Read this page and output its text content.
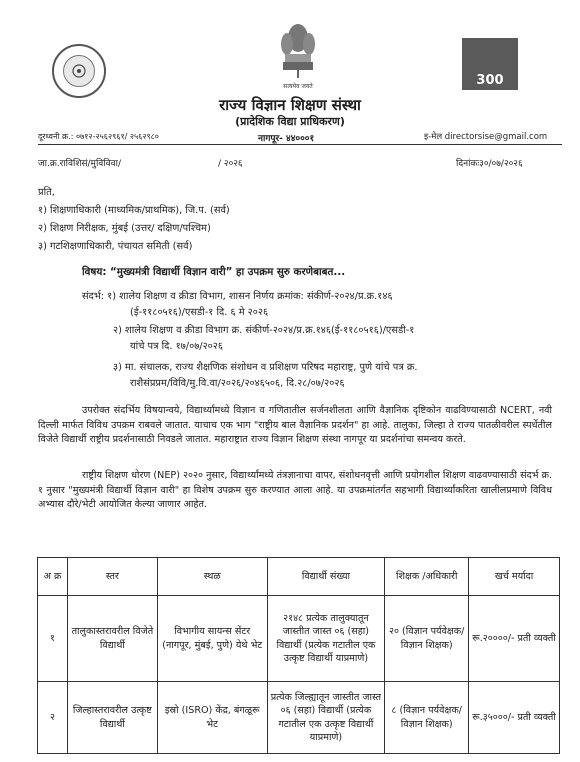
सत्यमेव जयते	300
राज्य विज्ञान शिक्षण संस्था
(प्रादेशिक विद्या प्राधिकरण)
दूरध्वनी क्र.: ०७१२-२५६२९६१/ २५६२९८०	नागपूर- ४४०००१	इ-मेल directorsise@gmail.com
जा.क्र.राविशिसं/मुविविवा/	/ २०२६	दिनांकः३०/०७/२०२६
प्रति,
१) शिक्षणाधिकारी (माध्यमिक/प्राथमिक), जि.प. (सर्व)
२) शिक्षण निरीक्षक, मुंबई (उत्तर/ दक्षिण/पश्चिम)
३) गटशिक्षणाधिकारी, पंचायत समिती (सर्व)
विषय: “मुख्यमंत्री विद्यार्थी विज्ञान वारी” हा उपक्रम सुरु करणेबाबत...
संदर्भ: १) शालेय शिक्षण व क्रीडा विभाग, शासन निर्णय क्रमांक: संकीर्ण-२०२४/प्र.क्र.१४६
(ई-११८०५१६)/एसडी-१ दि. ६ मे २०२६
२) शालेय शिक्षण व क्रीडा विभाग क्र. संकीर्ण-२०२४/प्र.क्र.१४६(ई-११८०५१६)/एसडी-१
यांचे पत्र दि. १७/०७/२०२६
३) मा. संचालक, राज्य शैक्षणिक संशोधन व प्रशिक्षण परिषद महाराष्ट्र, पुणे यांचे पत्र क्र.
राशैसंप्रप्रम/विवि/मु.वि.वा/२०२६/२०४६५०६, दि.२८/०७/२०२६
उपरोक्त संदर्भिय विषयान्वये, विद्यार्थ्यांमध्ये विज्ञान व गणितातील सर्जनशीलता आणि वैज्ञानिक दृष्टिकोन वाढविण्यासाठी NCERT, नवी दिल्ली मार्फत विविध उपक्रम राबवले जातात. याचाच एक भाग "राष्ट्रीय बाल वैज्ञानिक प्रदर्शन" हा आहे. तालुका, जिल्हा ते राज्य पातळीवरील स्पर्धेतील विजेते विद्यार्थी राष्ट्रीय प्रदर्शनासाठी निवडले जातात. महाराष्ट्रात राज्य विज्ञान शिक्षण संस्था नागपूर या प्रदर्शनांचा समन्वय करते.
राष्ट्रीय शिक्षण धोरण (NEP) २०२० नुसार, विद्यार्थ्यांमध्ये तंत्रज्ञानाचा वापर, संशोधनवृत्ती आणि प्रयोगशील शिक्षण वाढवण्यासाठी संदर्भ क्र. १ नुसार "मुख्यमंत्री विद्यार्थी विज्ञान वारी" हा विशेष उपक्रम सुरु करण्यात आला आहे. या उपक्रमांतर्गत सहभागी विद्यार्थ्यांकरिता खालीलप्रमाणे विविध अभ्यास दौरे/भेटी आयोजित केल्या जाणार आहेत.
अ क्र	स्तर	स्थळ	विद्यार्थी संख्या	शिक्षक /अधिकारी	खर्च मर्यादा
१	तालुकास्तरावरील विजेते विद्यार्थी	विभागीय सायन्स सेंटर (नागपूर, मुंबई, पुणे) येथे भेट	२१४८ प्रत्येक तालुक्यातून जास्तीत जास्त ०६ (सहा) विद्यार्थी (प्रत्येक गटातील एक उत्कृष्ट विद्यार्थी याप्रमाणे)	२० (विज्ञान पर्यवेक्षक/विज्ञान शिक्षक)	रू.२००००/- प्रती व्यक्ती
२	जिल्हास्तरावरील उत्कृष्ट विद्यार्थी	इस्रो (ISRO) केंद्र, बंगळूरू भेट	प्रत्येक जिल्ह्यातून जास्तीत जास्त ०६ (सहा) विद्यार्थी (प्रत्येक गटातील एक उत्कृष्ट विद्यार्थी याप्रमाणे)	८ (विज्ञान पर्यवेक्षक/विज्ञान शिक्षक)	रू.३५०००/- प्रती व्यक्ती
